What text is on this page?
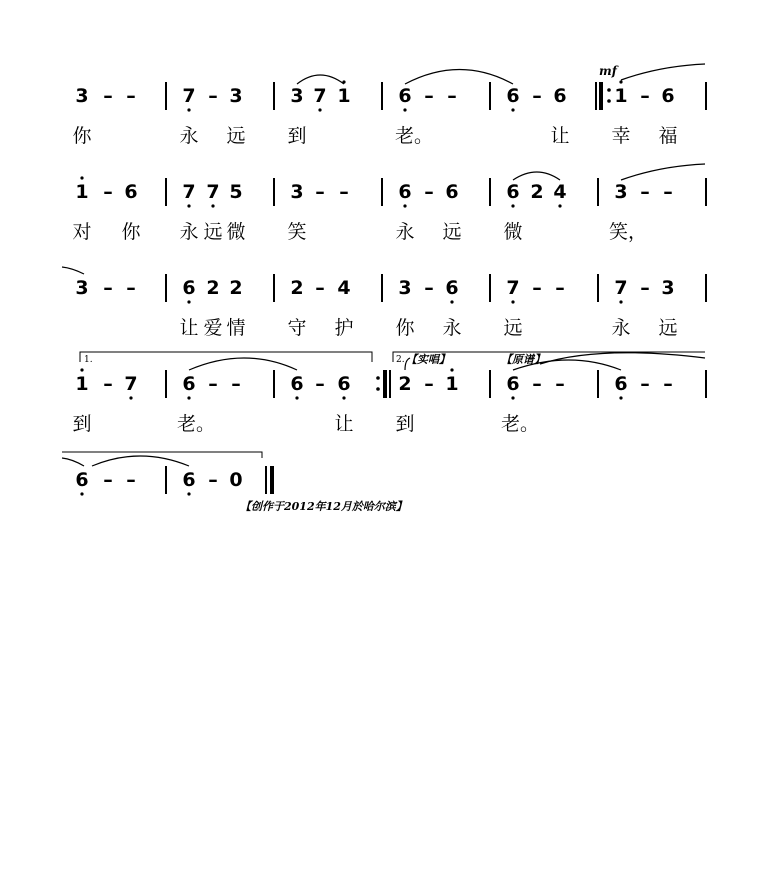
3 – – 7 – 3	3 7 1	6 – –	6 – 6	1 – 6
mf
你	永 远 到	老。	让 幸 福
1 – 6 7 7 5	3 – –	6 – 6	6 2 4	3 – –
对 你 永 远 微 笑	永 远 微	笑，
3 – – 6 2 2	2 – 4	3 – 6	7 – –	7 – 3
让 爱 情 守 护 你 永 远	永 远
1.	2. 【实唱】	【原谱】
1 – 7 6 – –	6 – 6	2 – 1	6 – –	6 – –
到	老。	让 到	老。
6 – – 6 – 0
【创作于2012年12月於哈尔滨】
